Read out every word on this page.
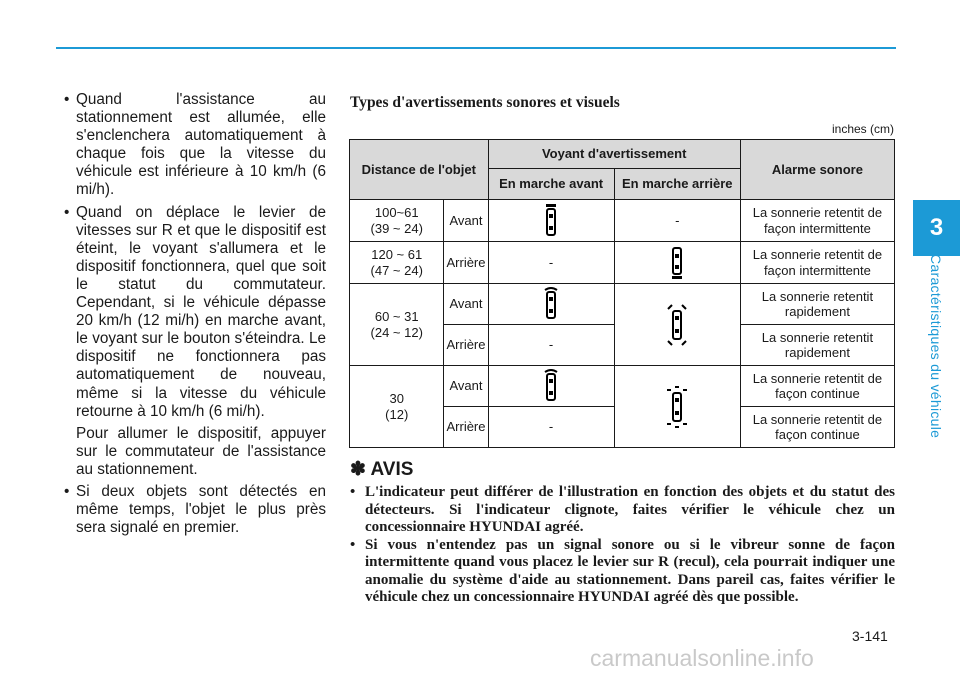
3
Caractéristiques du véhicule
• Quand l'assistance au stationnement est allumée, elle s'enclenchera automatiquement à chaque fois que la vitesse du véhicule est inférieure à 10 km/h (6 mi/h).
• Quand on déplace le levier de vitesses sur R et que le dispositif est éteint, le voyant s'allumera et le dispositif fonctionnera, quel que soit le statut du commutateur. Cependant, si le véhicule dépasse 20 km/h (12 mi/h) en marche avant, le voyant sur le bouton s'éteindra. Le dispositif ne fonctionnera pas automatiquement de nouveau, même si la vitesse du véhicule retourne à 10 km/h (6 mi/h).
Pour allumer le dispositif, appuyer sur le commutateur de l'assistance au stationnement.
• Si deux objets sont détectés en même temps, l'objet le plus près sera signalé en premier.
Types d'avertissements sonores et visuels
inches (cm)
Distance de l'objet		Voyant d'avertissement		Alarme sonore
		En marche avant	En marche arrière	

100~61
(39 ~ 24)	Avant		-	La sonnerie retentit de façon intermittente

120 ~ 61
(47 ~ 24)	Arrière	-		La sonnerie retentit de façon intermittente

60 ~ 31
(24 ~ 12)	Avant			La sonnerie retentit rapidement
	Arrière	-		La sonnerie retentit rapidement

30
(12)	Avant			La sonnerie retentit de façon continue
	Arrière	-		La sonnerie retentit de façon continue
✽ AVIS
• L'indicateur peut différer de l'illustration en fonction des objets et du statut des détecteurs. Si l'indicateur clignote, faites vérifier le véhicule chez un concessionnaire HYUNDAI agréé.
• Si vous n'entendez pas un signal sonore ou si le vibreur sonne de façon intermittente quand vous placez le levier sur R (recul), cela pourrait indiquer une anomalie du système d'aide au stationnement. Dans pareil cas, faites vérifier le véhicule chez un concessionnaire HYUNDAI agréé dès que possible.
3-141
carmanualsonline.info
